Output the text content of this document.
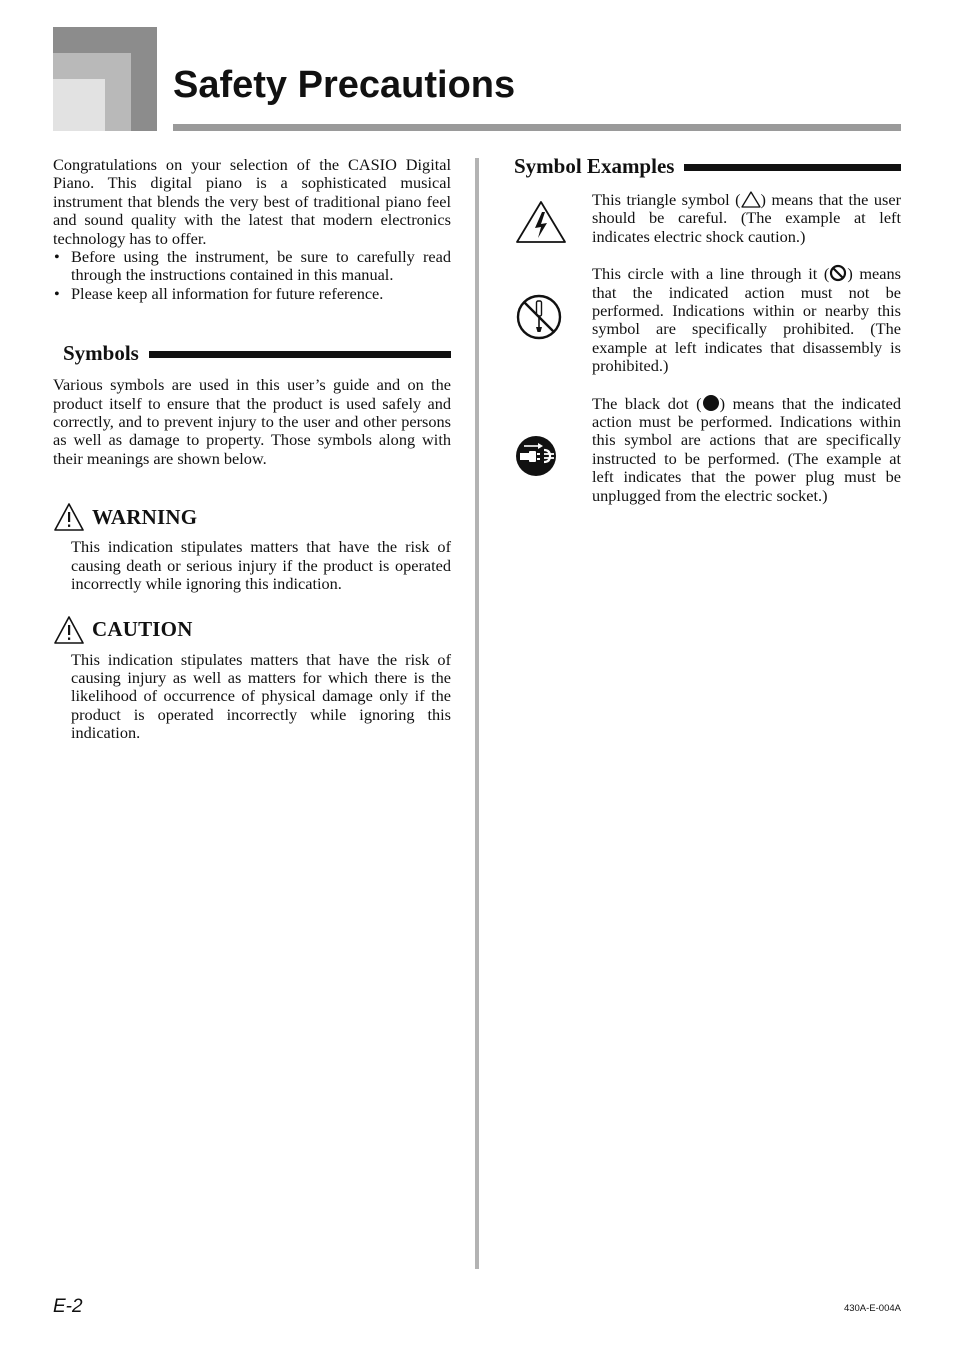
Safety Precautions

Congratulations on your selection of the CASIO Digital Piano. This digital piano is a sophisticated musical instrument that blends the very best of traditional piano feel and sound quality with the latest that modern electronics technology has to offer.

• Before using the instrument, be sure to carefully read through the instructions contained in this manual.
• Please keep all information for future reference.
Symbols

Various symbols are used in this user’s guide and on the product itself to ensure that the product is used safely and correctly, and to prevent injury to the user and other persons as well as damage to property. Those symbols along with their meanings are shown below.

WARNING

This indication stipulates matters that have the risk of causing death or serious injury if the product is operated incorrectly while ignoring this indication.

CAUTION

This indication stipulates matters that have the risk of causing injury as well as matters for which there is the likelihood of occurrence of physical damage only if the product is operated incorrectly while ignoring this indication.

Symbol Examples

This triangle symbol ( ) means that the user should be careful. (The example at left indicates electric shock caution.)

This circle with a line through it ( ) means that the indicated action must not be performed. Indications within or nearby this symbol are specifically prohibited. (The example at left indicates that disassembly is prohibited.)

The black dot ( ) means that the indicated action must be performed. Indications within this symbol are actions that are specifically instructed to be performed. (The example at left indicates that the power plug must be unplugged from the electric socket.)

E-2	430A-E-004A
